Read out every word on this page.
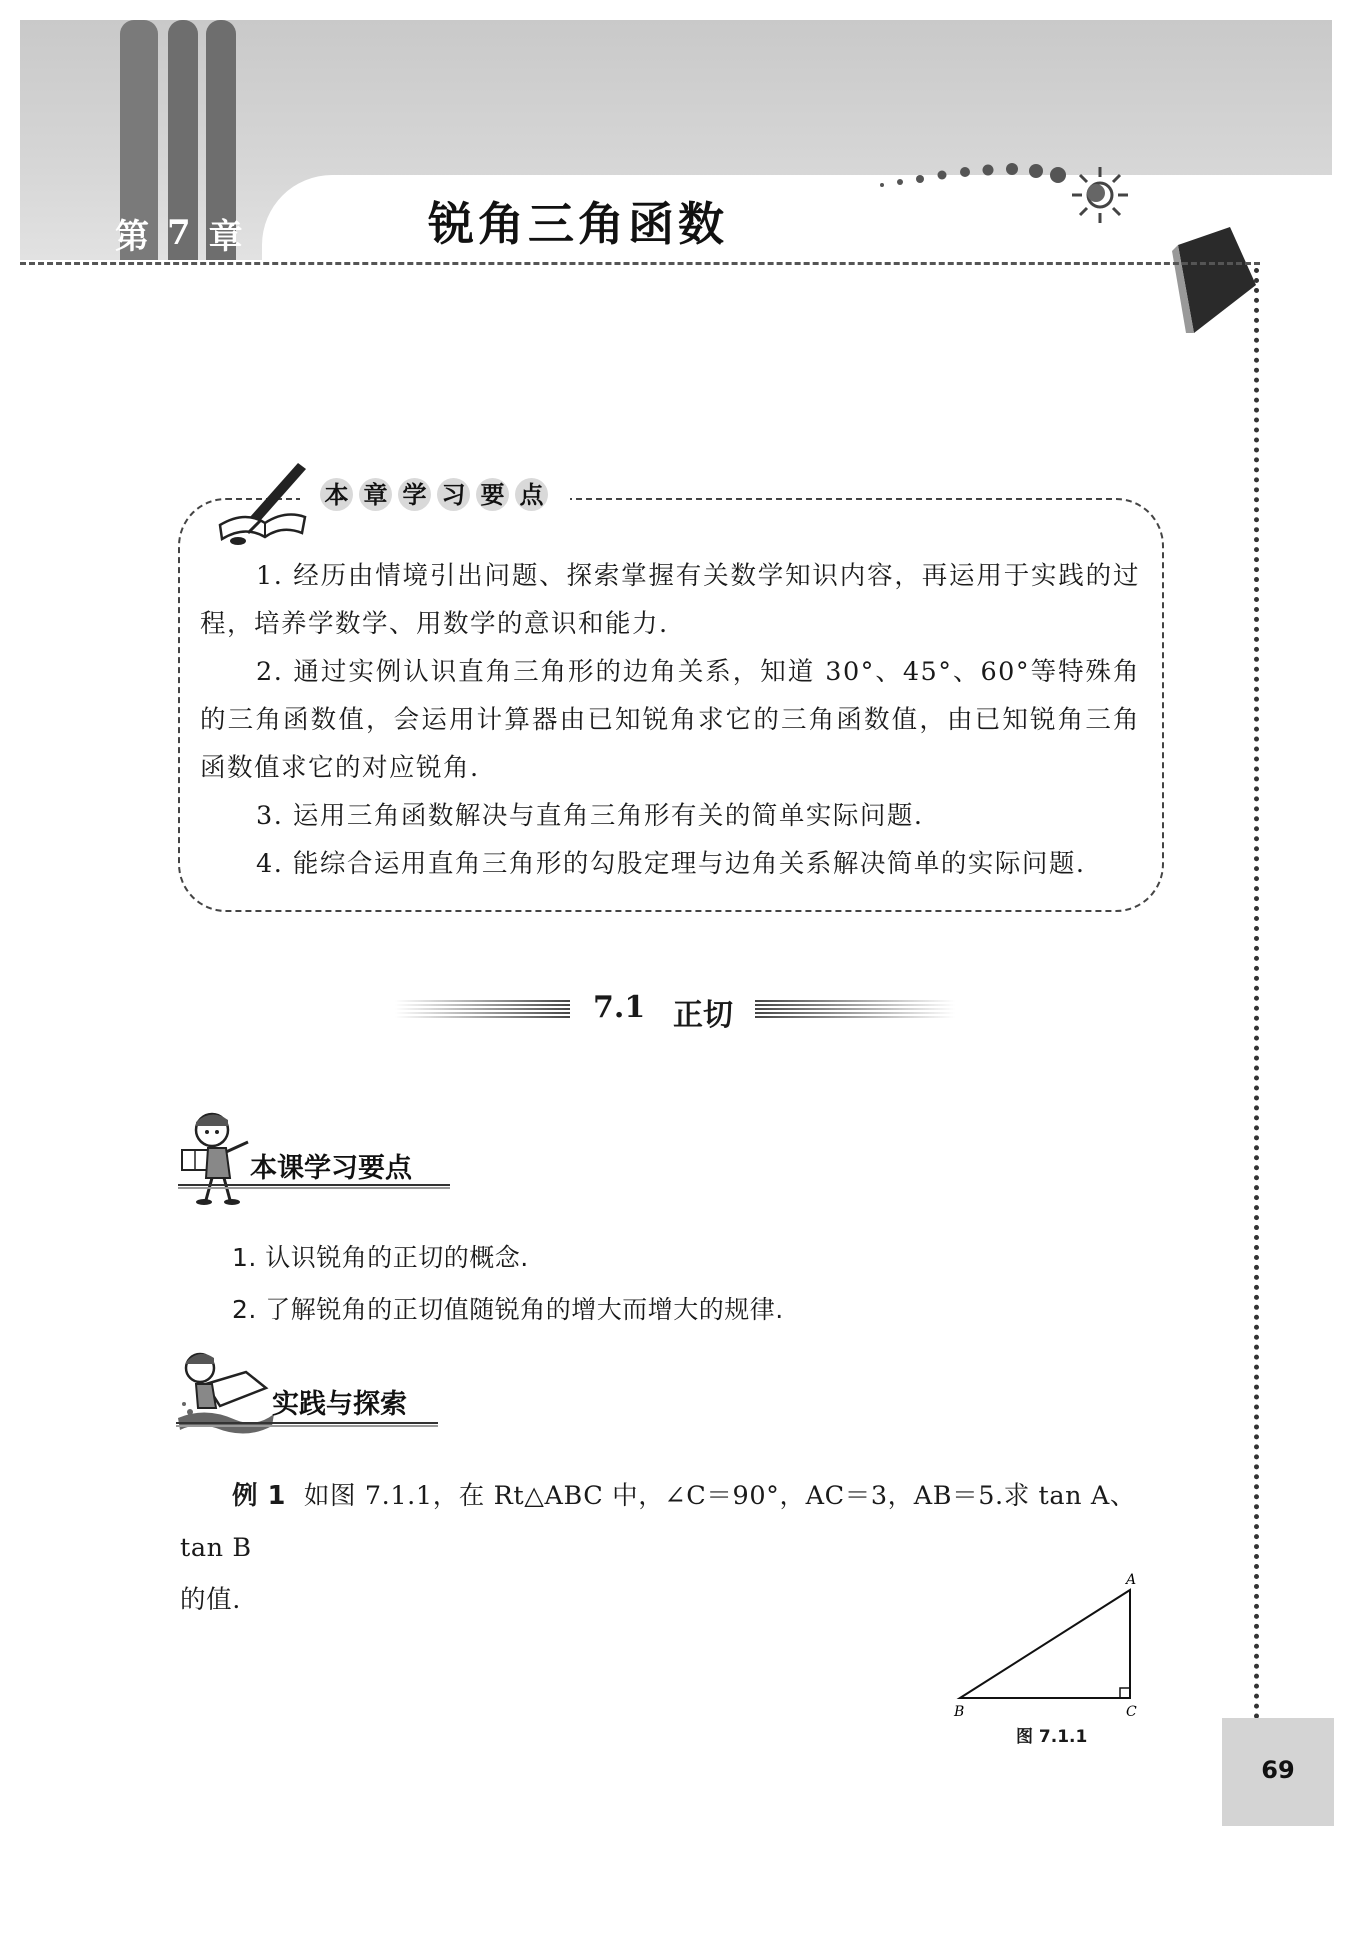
第 7 章	锐角三角函数
本 章 学 习 要 点

1. 经历由情境引出问题、探索掌握有关数学知识内容，再运用于实践的过程，培养学数学、用数学的意识和能力.

2. 通过实例认识直角三角形的边角关系，知道 30°、45°、60°等特殊角的三角函数值，会运用计算器由已知锐角求它的三角函数值，由已知锐角三角函数值求它的对应锐角.

3. 运用三角函数解决与直角三角形有关的简单实际问题.

4. 能综合运用直角三角形的勾股定理与边角关系解决简单的实际问题.

7.1 正切
本课学习要点

1. 认识锐角的正切的概念.

2. 了解锐角的正切值随锐角的增大而增大的规律.

实践与探索

例 1 如图 7.1.1，在 Rt△ABC 中，∠C＝90°，AC＝3，AB＝5.求 tan A、tan B

的值.

A
B	C
图 7.1.1
69
